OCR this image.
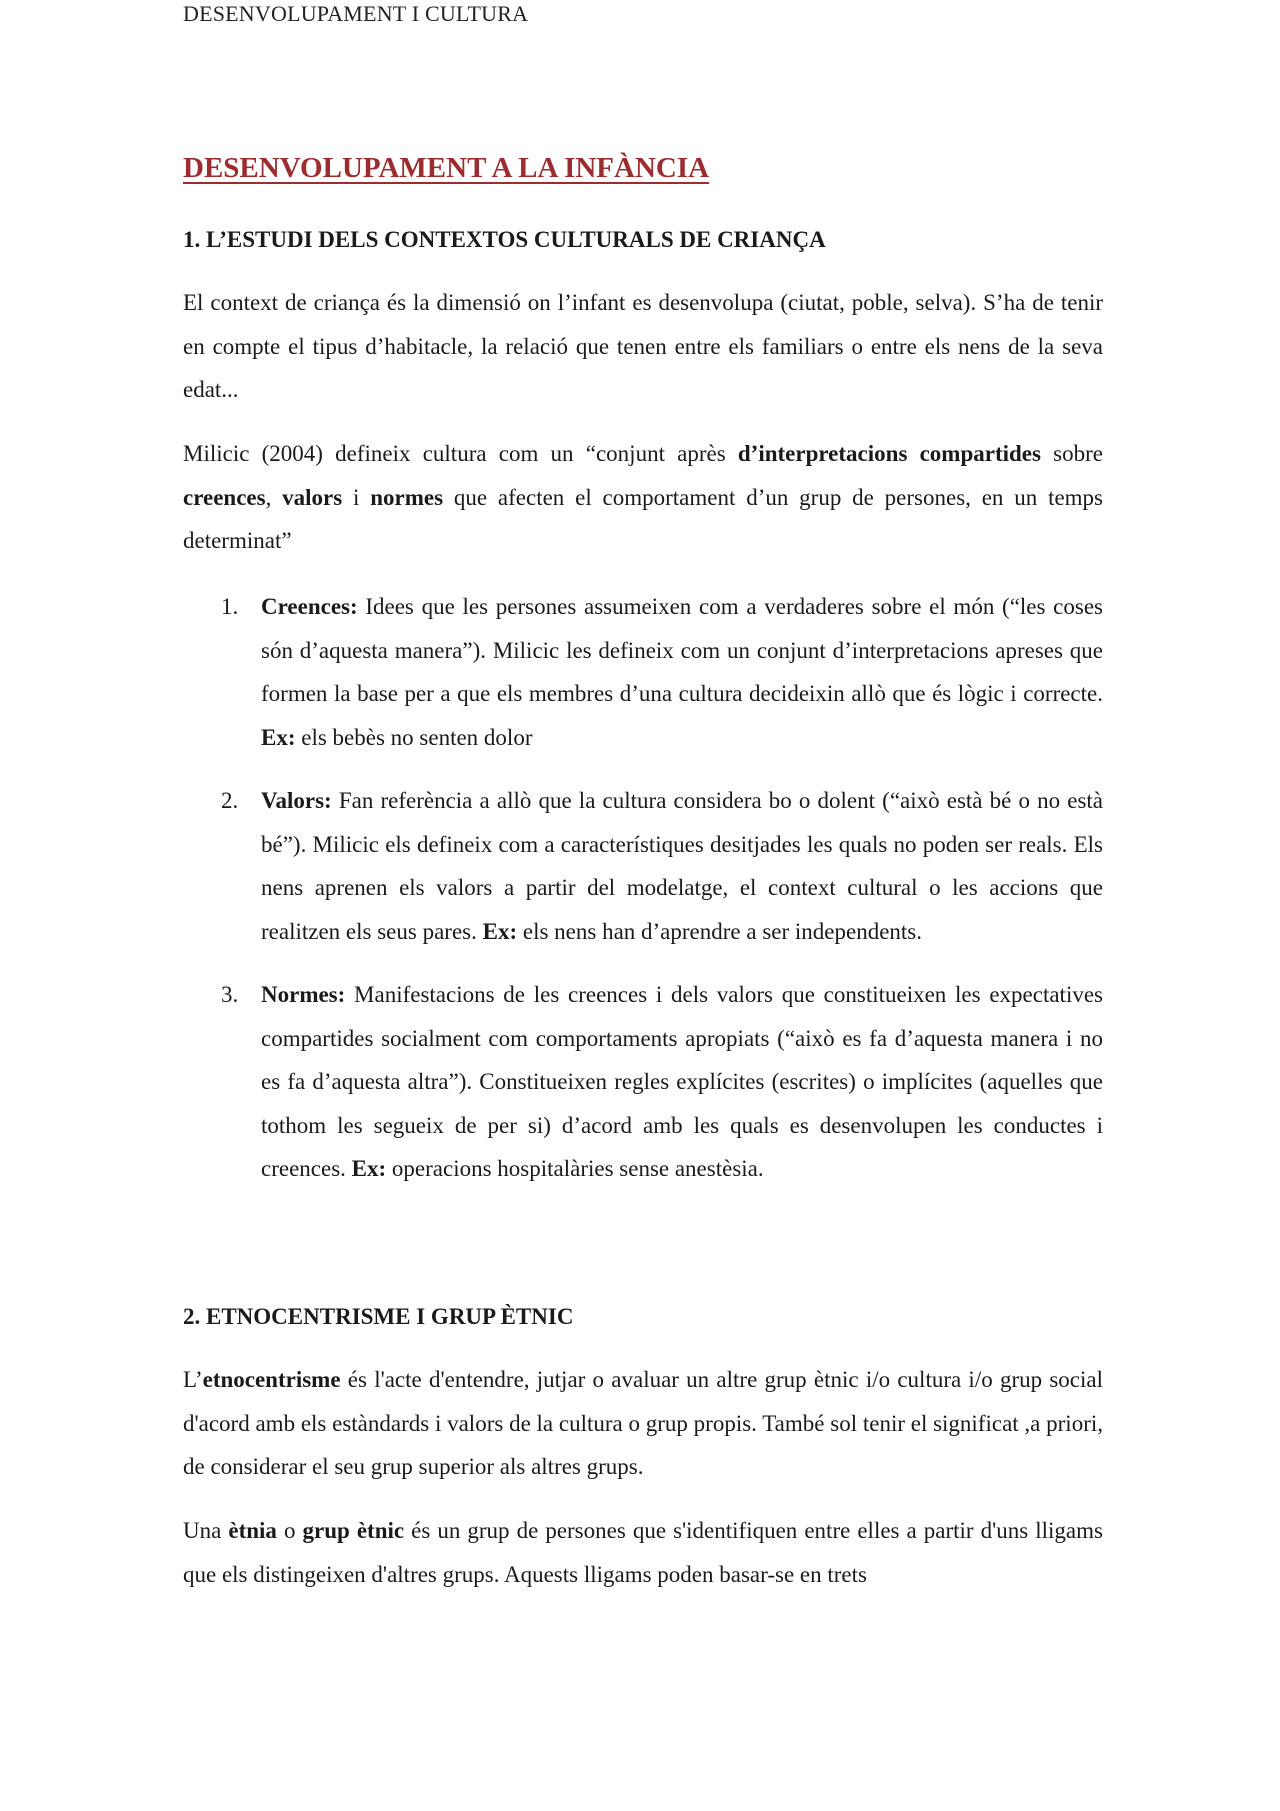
DESENVOLUPAMENT I CULTURA
DESENVOLUPAMENT A LA INFÀNCIA
1. L’ESTUDI DELS CONTEXTOS CULTURALS DE CRIANÇA

El context de criança és la dimensió on l’infant es desenvolupa (ciutat, poble, selva). S’ha de tenir en compte el tipus d’habitacle, la relació que tenen entre els familiars o entre els nens de la seva edat...

Milicic (2004) defineix cultura com un “conjunt après d’interpretacions compartides sobre creences, valors i normes que afecten el comportament d’un grup de persones, en un temps determinat”

1. Creences: Idees que les persones assumeixen com a verdaderes sobre el món (“les coses són d’aquesta manera”). Milicic les defineix com un conjunt d’interpretacions apreses que formen la base per a que els membres d’una cultura decideixin allò que és lògic i correcte. Ex: els bebès no senten dolor
2. Valors: Fan referència a allò que la cultura considera bo o dolent (“això està bé o no està bé”). Milicic els defineix com a característiques desitjades les quals no poden ser reals. Els nens aprenen els valors a partir del modelatge, el context cultural o les accions que realitzen els seus pares. Ex: els nens han d’aprendre a ser independents.
3. Normes: Manifestacions de les creences i dels valors que constitueixen les expectatives compartides socialment com comportaments apropiats (“això es fa d’aquesta manera i no es fa d’aquesta altra”). Constitueixen regles explícites (escrites) o implícites (aquelles que tothom les segueix de per si) d’acord amb les quals es desenvolupen les conductes i creences. Ex: operacions hospitalàries sense anestèsia.
2. ETNOCENTRISME I GRUP ÈTNIC

L’etnocentrisme és l'acte d'entendre, jutjar o avaluar un altre grup ètnic i/o cultura i/o grup social d'acord amb els estàndards i valors de la cultura o grup propis. També sol tenir el significat ,a priori, de considerar el seu grup superior als altres grups.

Una ètnia o grup ètnic és un grup de persones que s'identifiquen entre elles a partir d'uns lligams que els distingeixen d'altres grups. Aquests lligams poden basar-se en trets
